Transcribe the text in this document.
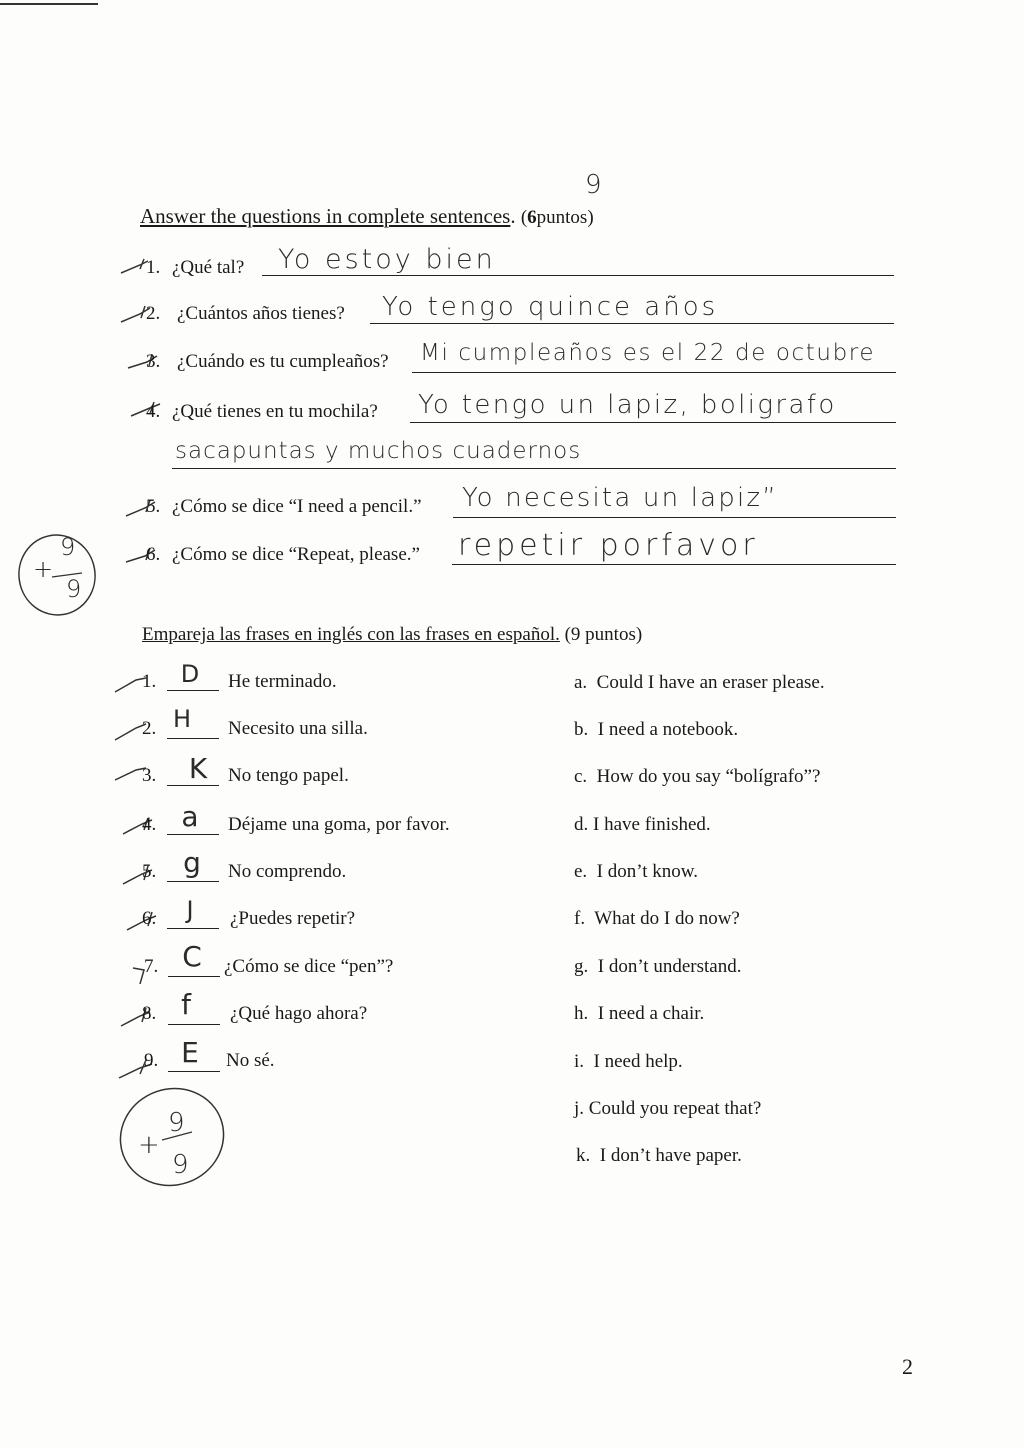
9
Answer the questions in complete sentences. (6puntos)
1. ¿Qué tal? Yo estoy bien
2. ¿Cuántos años tienes? Yo tengo quince años
3. ¿Cuándo es tu cumpleaños? Mi cumpleaños es el 22 de octubre
4. ¿Qué tienes en tu mochila? Yo tengo un lapiz, boligrafo
sacapuntas y muchos cuadernos
5. ¿Cómo se dice “I need a pencil.” Yo necesita un lapiz”
6. ¿Cómo se dice “Repeat, please.” repetir porfavor
+
9
9
Empareja las frases en inglés con las frases en español. (9 puntos)
1.	D	He terminado.
2. H	Necesito una silla.
3.	K	No tengo papel.
4. a	Déjame una goma, por favor.
5. g	No comprendo.
6.	J	¿Puedes repetir?
7. C	¿Cómo se dice “pen”?
8. f	¿Qué hago ahora?
9. E	No sé.
a.  Could I have an eraser please.
b.  I need a notebook.
c.  How do you say “bolígrafo”?
d. I have finished.
e.  I don’t know.
f.  What do I do now?
g.  I don’t understand.
h.  I need a chair.
i.  I need help.
j. Could you repeat that?
k.  I don’t have paper.
+
9
9
2
